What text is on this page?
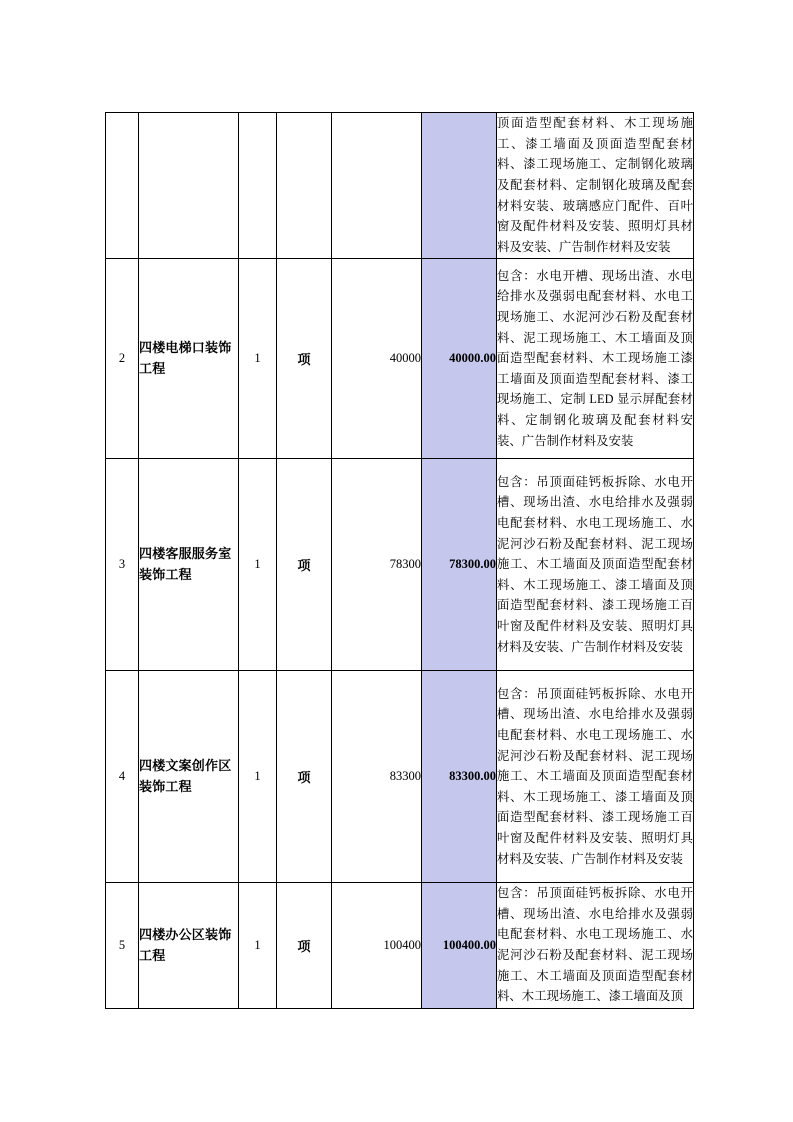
						顶面造型配套材料、木工现场施工、漆工墙面及顶面造型配套材料、漆工现场施工、定制钢化玻璃及配套材料、定制钢化玻璃及配套材料安装、玻璃感应门配件、百叶窗及配件材料及安装、照明灯具材料及安装、广告制作材料及安装
2	四楼电梯口装饰工程	1	项	40000	40000.00	包含：水电开槽、现场出渣、水电给排水及强弱电配套材料、水电工现场施工、水泥河沙石粉及配套材料、泥工现场施工、木工墙面及顶面造型配套材料、木工现场施工漆工墙面及顶面造型配套材料、漆工现场施工、定制 LED 显示屏配套材料、定制钢化玻璃及配套材料安装、广告制作材料及安装
3	四楼客服服务室装饰工程	1	项	78300	78300.00	包含：吊顶面硅钙板拆除、水电开槽、现场出渣、水电给排水及强弱电配套材料、水电工现场施工、水泥河沙石粉及配套材料、泥工现场施工、木工墙面及顶面造型配套材料、木工现场施工、漆工墙面及顶面造型配套材料、漆工现场施工百叶窗及配件材料及安装、照明灯具材料及安装、广告制作材料及安装
4	四楼文案创作区装饰工程	1	项	83300	83300.00	包含：吊顶面硅钙板拆除、水电开槽、现场出渣、水电给排水及强弱电配套材料、水电工现场施工、水泥河沙石粉及配套材料、泥工现场施工、木工墙面及顶面造型配套材料、木工现场施工、漆工墙面及顶面造型配套材料、漆工现场施工百叶窗及配件材料及安装、照明灯具材料及安装、广告制作材料及安装
5	四楼办公区装饰工程	1	项	100400	100400.00	包含：吊顶面硅钙板拆除、水电开槽、现场出渣、水电给排水及强弱电配套材料、水电工现场施工、水泥河沙石粉及配套材料、泥工现场施工、木工墙面及顶面造型配套材料、木工现场施工、漆工墙面及顶
